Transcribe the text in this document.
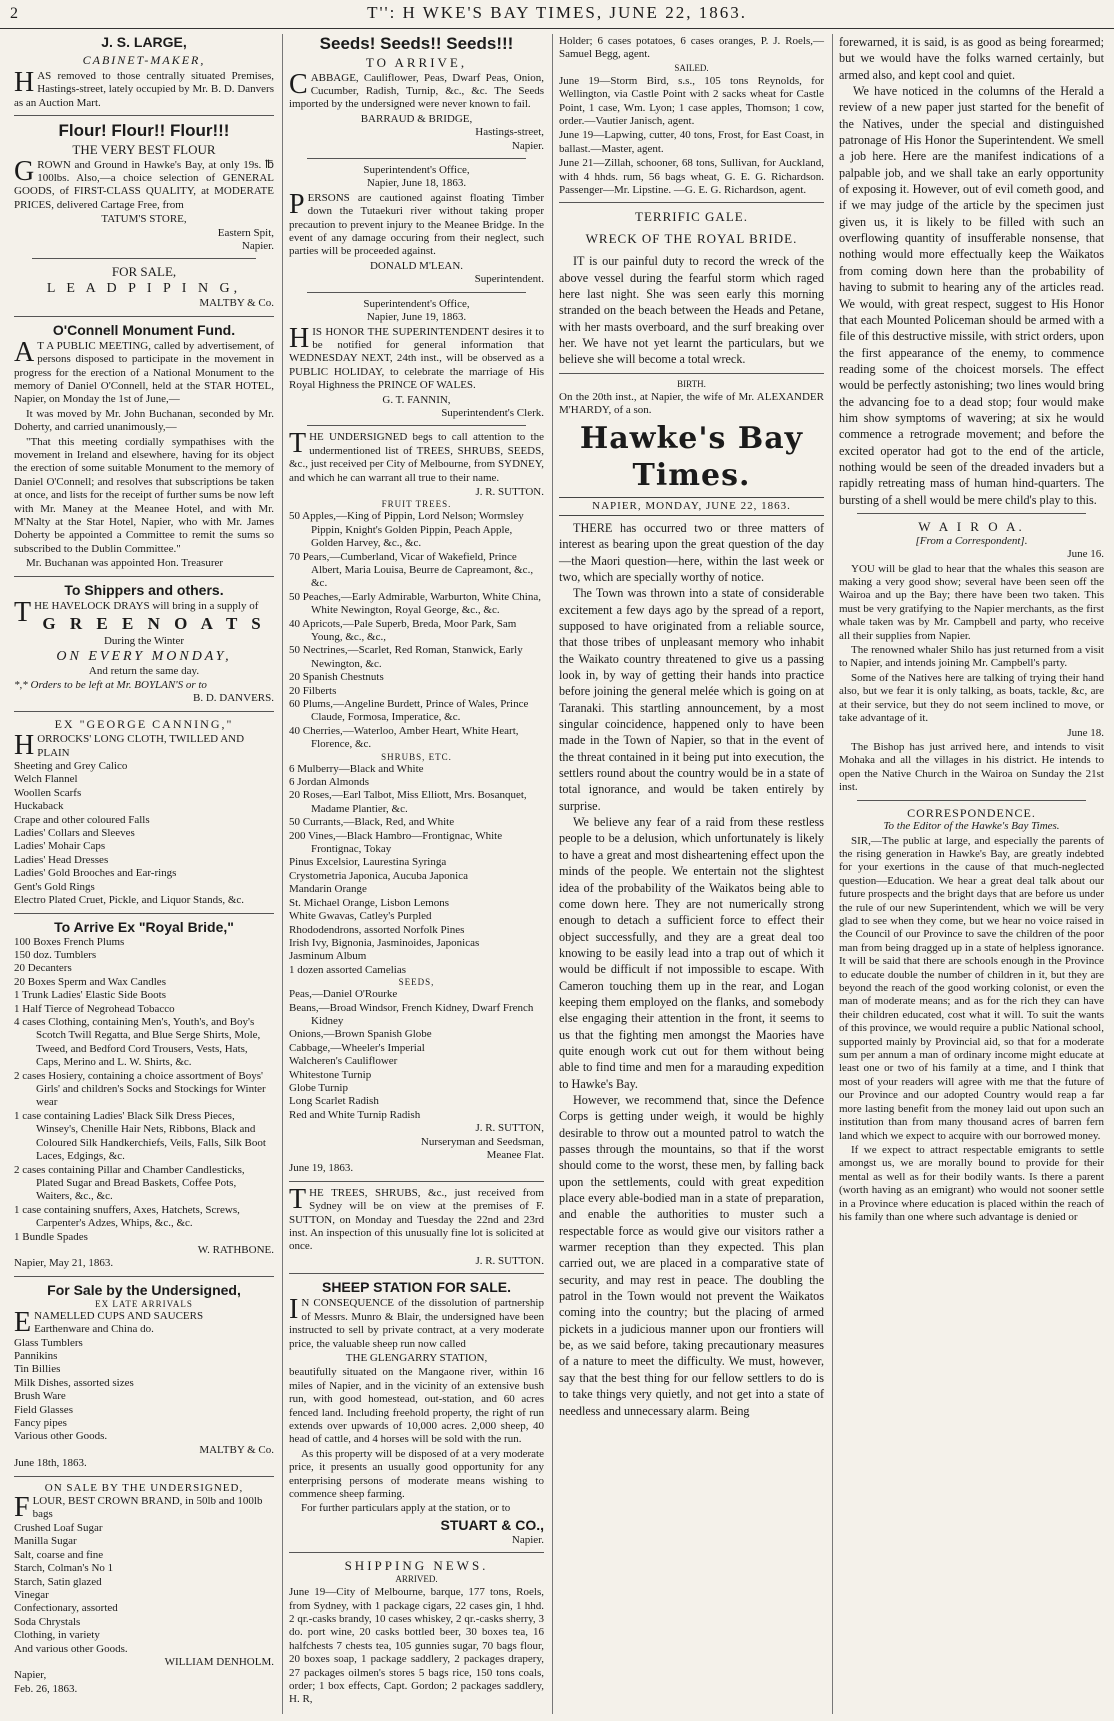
2	T'': H WKE'S BAY TIMES, JUNE 22, 1863.
J. S. LARGE,
CABINET-MAKER,
HAS removed to those centrally situated Premises, Hastings-street, lately occupied by Mr. B. D. Danvers as an Auction Mart.
Flour! Flour!! Flour!!!
THE VERY BEST FLOUR
GROWN and Ground in Hawke's Bay, at only 19s. ℔ 100lbs. Also,—a choice selection of GENERAL GOODS, of FIRST-CLASS QUALITY, at MODERATE PRICES, delivered Cartage Free, from
TATUM'S STORE,
Eastern Spit,
Napier.
FOR SALE,
L E A D P I P I N G,
MALTBY & Co.
O'Connell Monument Fund.
AT A PUBLIC MEETING, called by advertisement, of persons disposed to participate in the movement in progress for the erection of a National Monument to the memory of Daniel O'Connell, held at the STAR HOTEL, Napier, on Monday the 1st of June,—
It was moved by Mr. John Buchanan, seconded by Mr. Doherty, and carried unanimously,—
"That this meeting cordially sympathises with the movement in Ireland and elsewhere, having for its object the erection of some suitable Monument to the memory of Daniel O'Connell; and resolves that subscriptions be taken at once, and lists for the receipt of further sums be now left with Mr. Maney at the Meanee Hotel, and with Mr. M'Nalty at the Star Hotel, Napier, who with Mr. James Doherty be appointed a Committee to remit the sums so subscribed to the Dublin Committee."
Mr. Buchanan was appointed Hon. Treasurer
To Shippers and others.
THE HAVELOCK DRAYS will bring in a supply of
G R E E N O A T S
During the Winter
ON EVERY MONDAY,
And return the same day.
*,* Orders to be left at Mr. BOYLAN'S or to
B. D. DANVERS.
EX "GEORGE CANNING,"
HORROCKS' LONG CLOTH, TWILLED AND PLAIN
Sheeting and Grey Calico
Welch Flannel
Woollen Scarfs
Huckaback
Crape and other coloured Falls
Ladies' Collars and Sleeves
Ladies' Mohair Caps
Ladies' Head Dresses
Ladies' Gold Brooches and Ear-rings
Gent's Gold Rings
Electro Plated Cruet, Pickle, and Liquor Stands, &c.
To Arrive Ex "Royal Bride,"
100 Boxes French Plums
150 doz. Tumblers
20 Decanters
20 Boxes Sperm and Wax Candles
1 Trunk Ladies' Elastic Side Boots
1 Half Tierce of Negrohead Tobacco
4 cases Clothing, containing Men's, Youth's, and Boy's Scotch Twill Regatta, and Blue Serge Shirts, Mole, Tweed, and Bedford Cord Trousers, Vests, Hats, Caps, Merino and L. W. Shirts, &c.
2 cases Hosiery, containing a choice assortment of Boys' Girls' and children's Socks and Stockings for Winter wear
1 case containing Ladies' Black Silk Dress Pieces, Winsey's, Chenille Hair Nets, Ribbons, Black and Coloured Silk Handkerchiefs, Veils, Falls, Silk Boot Laces, Edgings, &c.
2 cases containing Pillar and Chamber Candlesticks, Plated Sugar and Bread Baskets, Coffee Pots, Waiters, &c., &c.
1 case containing snuffers, Axes, Hatchets, Screws, Carpenter's Adzes, Whips, &c., &c.
1 Bundle Spades
W. RATHBONE.
Napier, May 21, 1863.
For Sale by the Undersigned,
EX LATE ARRIVALS
ENAMELLED CUPS AND SAUCERS
Earthenware and China do.
Glass Tumblers
Pannikins
Tin Billies
Milk Dishes, assorted sizes
Brush Ware
Field Glasses
Fancy pipes
Various other Goods.
MALTBY & Co.
June 18th, 1863.
ON SALE BY THE UNDERSIGNED,
FLOUR, BEST CROWN BRAND, in 50lb and 100lb bags
Crushed Loaf Sugar
Manilla Sugar
Salt, coarse and fine
Starch, Colman's No 1
Starch, Satin glazed
Vinegar
Confectionary, assorted
Soda Chrystals
Clothing, in variety
And various other Goods.
WILLIAM DENHOLM.
Napier,
Feb. 26, 1863.
Seeds! Seeds!! Seeds!!!
TO ARRIVE,
CABBAGE, Cauliflower, Peas, Dwarf Peas, Onion, Cucumber, Radish, Turnip, &c., &c. The Seeds imported by the undersigned were never known to fail.
BARRAUD & BRIDGE,
Hastings-street,
Napier.
Superintendent's Office,
Napier, June 18, 1863.
PERSONS are cautioned against floating Timber down the Tutaekuri river without taking proper precaution to prevent injury to the Meanee Bridge. In the event of any damage occuring from their neglect, such parties will be proceeded against.
DONALD M'LEAN.
Superintendent.
Superintendent's Office,
Napier, June 19, 1863.
HIS HONOR THE SUPERINTENDENT desires it to be notified for general information that WEDNESDAY NEXT, 24th inst., will be observed as a PUBLIC HOLIDAY, to celebrate the marriage of His Royal Highness the PRINCE OF WALES.
G. T. FANNIN,
Superintendent's Clerk.
THE UNDERSIGNED begs to call attention to the undermentioned list of TREES, SHRUBS, SEEDS, &c., just received per City of Melbourne, from SYDNEY, and which he can warrant all true to their name.
J. R. SUTTON.
FRUIT TREES.
50 Apples,—King of Pippin, Lord Nelson; Wormsley Pippin, Knight's Golden Pippin, Peach Apple, Golden Harvey, &c., &c.
70 Pears,—Cumberland, Vicar of Wakefield, Prince Albert, Maria Louisa, Beurre de Capreamont, &c., &c.
50 Peaches,—Early Admirable, Warburton, White China, White Newington, Royal George, &c., &c.
40 Apricots,—Pale Superb, Breda, Moor Park, Sam Young, &c., &c.,
50 Nectrines,—Scarlet, Red Roman, Stanwick, Early Newington, &c.
20 Spanish Chestnuts
20 Filberts
60 Plums,—Angeline Burdett, Prince of Wales, Prince Claude, Formosa, Imperatice, &c.
40 Cherries,—Waterloo, Amber Heart, White Heart, Florence, &c.
SHRUBS, ETC.
6 Mulberry—Black and White
6 Jordan Almonds
20 Roses,—Earl Talbot, Miss Elliott, Mrs. Bosanquet, Madame Plantier, &c.
50 Currants,—Black, Red, and White
200 Vines,—Black Hambro—Frontignac, White Frontignac, Tokay
Pinus Excelsior, Laurestina Syringa
Crystometria Japonica, Aucuba Japonica
Mandarin Orange
St. Michael Orange, Lisbon Lemons
White Gwavas, Catley's Purpled
Rhododendrons, assorted Norfolk Pines
Irish Ivy, Bignonia, Jasminoides, Japonicas
Jasminum Album
1 dozen assorted Camelias
SEEDS,
Peas,—Daniel O'Rourke
Beans,—Broad Windsor, French Kidney, Dwarf French Kidney
Onions,—Brown Spanish Globe
Cabbage,—Wheeler's Imperial
Walcheren's Cauliflower
Whitestone Turnip
Globe Turnip
Long Scarlet Radish
Red and White Turnip Radish
J. R. SUTTON,
Nurseryman and Seedsman,
Meanee Flat.
June 19, 1863.
THE TREES, SHRUBS, &c., just received from Sydney will be on view at the premises of F. SUTTON, on Monday and Tuesday the 22nd and 23rd inst. An inspection of this unusually fine lot is solicited at once.
J. R. SUTTON.
SHEEP STATION FOR SALE.
IN CONSEQUENCE of the dissolution of partnership of Messrs. Munro & Blair, the undersigned have been instructed to sell by private contract, at a very moderate price, the valuable sheep run now called
THE GLENGARRY STATION,
beautifully situated on the Mangaone river, within 16 miles of Napier, and in the vicinity of an extensive bush run, with good homestead, out-station, and 60 acres fenced land. Including freehold property, the right of run extends over upwards of 10,000 acres. 2,000 sheep, 40 head of cattle, and 4 horses will be sold with the run.
As this property will be disposed of at a very moderate price, it presents an usually good opportunity for any enterprising persons of moderate means wishing to commence sheep farming.
For further particulars apply at the station, or to
STUART & CO.,
Napier.
SHIPPING NEWS.
ARRIVED.
June 19—City of Melbourne, barque, 177 tons, Roels, from Sydney, with 1 package cigars, 22 cases gin, 1 hhd. 2 qr.-casks brandy, 10 cases whiskey, 2 qr.-casks sherry, 3 do. port wine, 20 casks bottled beer, 30 boxes tea, 16 halfchests 7 chests tea, 105 gunnies sugar, 70 bags flour, 20 boxes soap, 1 package saddlery, 2 packages drapery, 27 packages oilmen's stores 5 bags rice, 150 tons coals, order; 1 box effects, Capt. Gordon; 2 packages saddlery, H. R,
Holder; 6 cases potatoes, 6 cases oranges, P. J. Roels,—Samuel Begg, agent.
SAILED.
June 19—Storm Bird, s.s., 105 tons Reynolds, for Wellington, via Castle Point with 2 sacks wheat for Castle Point, 1 case, Wm. Lyon; 1 case apples, Thomson; 1 cow, order.—Vautier Janisch, agent.
June 19—Lapwing, cutter, 40 tons, Frost, for East Coast, in ballast.—Master, agent.
June 21—Zillah, schooner, 68 tons, Sullivan, for Auckland, with 4 hhds. rum, 56 bags wheat, G. E. G. Richardson. Passenger—Mr. Lipstine. —G. E. G. Richardson, agent.
TERRIFIC GALE.
WRECK OF THE ROYAL BRIDE.

IT is our painful duty to record the wreck of the above vessel during the fearful storm which raged here last night. She was seen early this morning stranded on the beach between the Heads and Petane, with her masts overboard, and the surf breaking over her. We have not yet learnt the particulars, but we believe she will become a total wreck.

BIRTH.
On the 20th inst., at Napier, the wife of Mr. ALEXANDER M'HARDY, of a son.
Hawke's Bay Times.
NAPIER, MONDAY, JUNE 22, 1863.

THERE has occurred two or three matters of interest as bearing upon the great question of the day—the Maori question—here, within the last week or two, which are specially worthy of notice.

The Town was thrown into a state of considerable excitement a few days ago by the spread of a report, supposed to have originated from a reliable source, that those tribes of unpleasant memory who inhabit the Waikato country threatened to give us a passing look in, by way of getting their hands into practice before joining the general melée which is going on at Taranaki. This startling announcement, by a most singular coincidence, happened only to have been made in the Town of Napier, so that in the event of the threat contained in it being put into execution, the settlers round about the country would be in a state of total ignorance, and would be taken entirely by surprise.

We believe any fear of a raid from these restless people to be a delusion, which unfortunately is likely to have a great and most disheartening effect upon the minds of the people. We entertain not the slightest idea of the probability of the Waikatos being able to come down here. They are not numerically strong enough to detach a sufficient force to effect their object successfully, and they are a great deal too knowing to be easily lead into a trap out of which it would be difficult if not impossible to escape. With Cameron touching them up in the rear, and Logan keeping them employed on the flanks, and somebody else engaging their attention in the front, it seems to us that the fighting men amongst the Maories have quite enough work cut out for them without being able to find time and men for a marauding expedition to Hawke's Bay.

However, we recommend that, since the Defence Corps is getting under weigh, it would be highly desirable to throw out a mounted patrol to watch the passes through the mountains, so that if the worst should come to the worst, these men, by falling back upon the settlements, could with great expedition place every able-bodied man in a state of preparation, and enable the authorities to muster such a respectable force as would give our visitors rather a warmer reception than they expected. This plan carried out, we are placed in a comparative state of security, and may rest in peace. The doubling the patrol in the Town would not prevent the Waikatos coming into the country; but the placing of armed pickets in a judicious manner upon our frontiers will be, as we said before, taking precautionary measures of a nature to meet the difficulty. We must, however, say that the best thing for our fellow settlers to do is to take things very quietly, and not get into a state of needless and unnecessary alarm. Being

forewarned, it is said, is as good as being forearmed; but we would have the folks warned certainly, but armed also, and kept cool and quiet.

We have noticed in the columns of the Herald a review of a new paper just started for the benefit of the Natives, under the special and distinguished patronage of His Honor the Superintendent. We smell a job here. Here are the manifest indications of a palpable job, and we shall take an early opportunity of exposing it. However, out of evil cometh good, and if we may judge of the article by the specimen just given us, it is likely to be filled with such an overflowing quantity of insufferable nonsense, that nothing would more effectually keep the Waikatos from coming down here than the probability of having to submit to hearing any of the articles read. We would, with great respect, suggest to His Honor that each Mounted Policeman should be armed with a file of this destructive missile, with strict orders, upon the first appearance of the enemy, to commence reading some of the choicest morsels. The effect would be perfectly astonishing; two lines would bring the advancing foe to a dead stop; four would make him show symptoms of wavering; at six he would commence a retrograde movement; and before the excited operator had got to the end of the article, nothing would be seen of the dreaded invaders but a rapidly retreating mass of human hind-quarters. The bursting of a shell would be mere child's play to this.

W A I R O A.
[From a Correspondent].
June 16.
YOU will be glad to hear that the whales this season are making a very good show; several have been seen off the Wairoa and up the Bay; there have been two taken. This must be very gratifying to the Napier merchants, as the first whale taken was by Mr. Campbell and party, who receive all their supplies from Napier.
The renowned whaler Shilo has just returned from a visit to Napier, and intends joining Mr. Campbell's party.
Some of the Natives here are talking of trying their hand also, but we fear it is only talking, as boats, tackle, &c, are at their service, but they do not seem inclined to move, or take advantage of it.
June 18.
The Bishop has just arrived here, and intends to visit Mohaka and all the villages in his district. He intends to open the Native Church in the Wairoa on Sunday the 21st inst.
CORRESPONDENCE.
To the Editor of the Hawke's Bay Times.
SIR,—The public at large, and especially the parents of the rising generation in Hawke's Bay, are greatly indebted for your exertions in the cause of that much-neglected question—Education. We hear a great deal talk about our future prospects and the bright days that are before us under the rule of our new Superintendent, which we will be very glad to see when they come, but we hear no voice raised in the Council of our Province to save the children of the poor man from being dragged up in a state of helpless ignorance. It will be said that there are schools enough in the Province to educate double the number of children in it, but they are beyond the reach of the good working colonist, or even the man of moderate means; and as for the rich they can have their children educated, cost what it will. To suit the wants of this province, we would require a public National school, supported mainly by Provincial aid, so that for a moderate sum per annum a man of ordinary income might educate at least one or two of his family at a time, and I think that most of your readers will agree with me that the future of our Province and our adopted Country would reap a far more lasting benefit from the money laid out upon such an institution than from many thousand acres of barren fern land which we expect to acquire with our borrowed money.
If we expect to attract respectable emigrants to settle amongst us, we are morally bound to provide for their mental as well as for their bodily wants. Is there a parent (worth having as an emigrant) who would not sooner settle in a Province where education is placed within the reach of his family than one where such advantage is denied or
